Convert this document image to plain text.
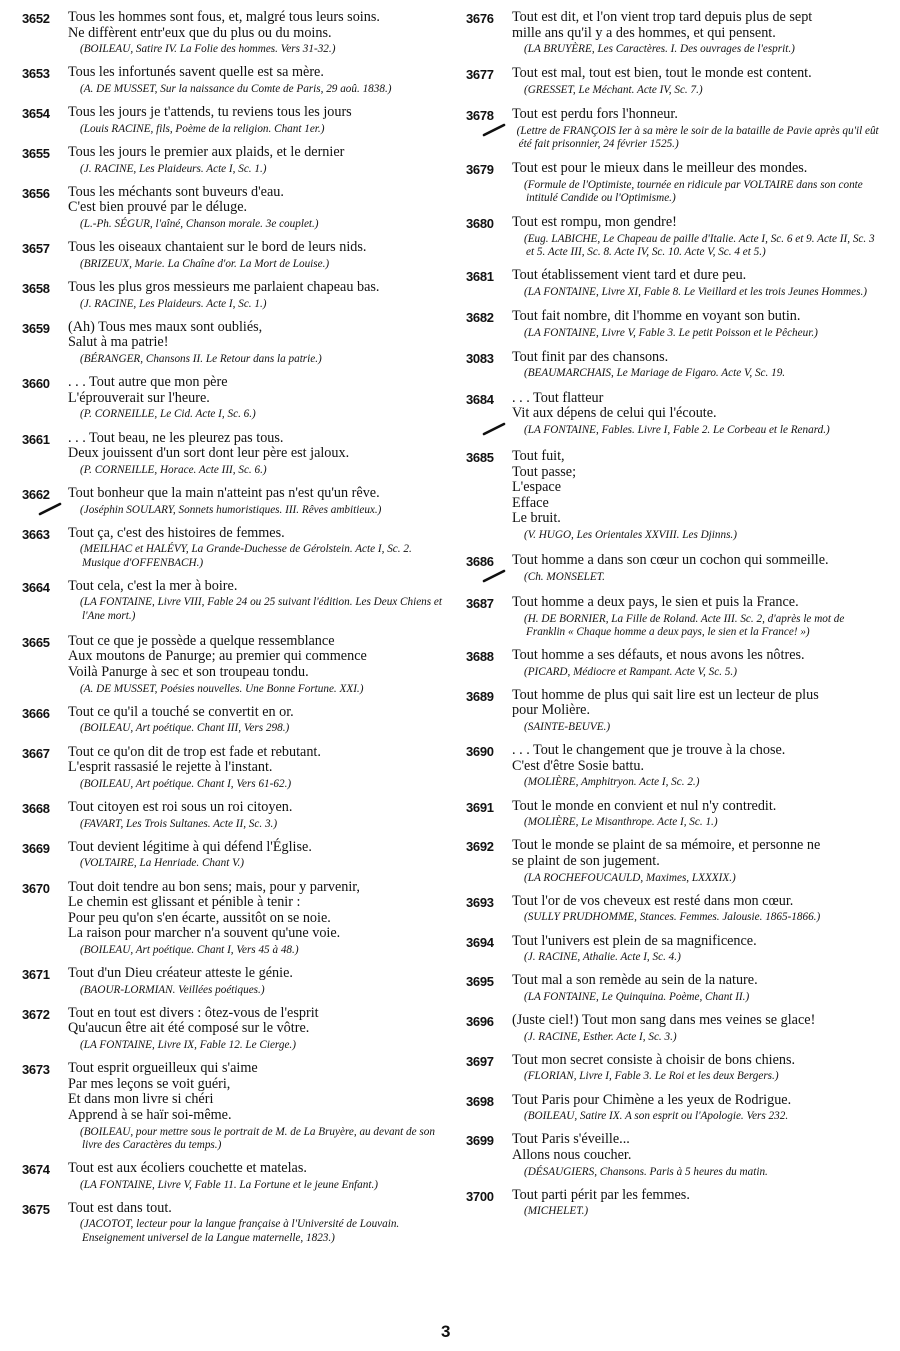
3652	Tous les hommes sont fous, et, malgré tous leurs soins.
Ne diffèrent entr'eux que du plus ou du moins.
(BOILEAU, Satire IV. La Folie des hommes. Vers 31-32.)
3653	Tous les infortunés savent quelle est sa mère.
(A. DE MUSSET, Sur la naissance du Comte de Paris, 29 aoû. 1838.)
3654	Tous les jours je t'attends, tu reviens tous les jours
(Louis RACINE, fils, Poème de la religion. Chant 1er.)
3655	Tous les jours le premier aux plaids, et le dernier
(J. RACINE, Les Plaideurs. Acte I, Sc. 1.)
3656	Tous les méchants sont buveurs d'eau.
C'est bien prouvé par le déluge.
(L.-Ph. SÉGUR, l'aîné, Chanson morale. 3e couplet.)
3657	Tous les oiseaux chantaient sur le bord de leurs nids.
(BRIZEUX, Marie. La Chaîne d'or. La Mort de Louise.)
3658	Tous les plus gros messieurs me parlaient chapeau bas.
(J. RACINE, Les Plaideurs. Acte I, Sc. 1.)
3659	(Ah) Tous mes maux sont oubliés,
Salut à ma patrie!
(BÉRANGER, Chansons II. Le Retour dans la patrie.)
3660	. . . Tout autre que mon père
L'éprouverait sur l'heure.
(P. CORNEILLE, Le Cid. Acte I, Sc. 6.)
3661	. . . Tout beau, ne les pleurez pas tous.
Deux jouissent d'un sort dont leur père est jaloux.
(P. CORNEILLE, Horace. Acte III, Sc. 6.)
3662	Tout bonheur que la main n'atteint pas n'est qu'un rêve.
(Joséphin SOULARY, Sonnets humoristiques. III. Rêves ambitieux.)
3663	Tout ça, c'est des histoires de femmes.
(MEILHAC et HALÉVY, La Grande-Duchesse de Gérolstein. Acte I, Sc. 2. Musique d'OFFENBACH.)
3664	Tout cela, c'est la mer à boire.
(LA FONTAINE, Livre VIII, Fable 24 ou 25 suivant l'édition. Les Deux Chiens et l'Ane mort.)
3665	Tout ce que je possède a quelque ressemblance
Aux moutons de Panurge; au premier qui commence
Voilà Panurge à sec et son troupeau tondu.
(A. DE MUSSET, Poésies nouvelles. Une Bonne Fortune. XXI.)
3666	Tout ce qu'il a touché se convertit en or.
(BOILEAU, Art poétique. Chant III, Vers 298.)
3667	Tout ce qu'on dit de trop est fade et rebutant.
L'esprit rassasié le rejette à l'instant.
(BOILEAU, Art poétique. Chant I, Vers 61-62.)
3668	Tout citoyen est roi sous un roi citoyen.
(FAVART, Les Trois Sultanes. Acte II, Sc. 3.)
3669	Tout devient légitime à qui défend l'Église.
(VOLTAIRE, La Henriade. Chant V.)
3670	Tout doit tendre au bon sens; mais, pour y parvenir,
Le chemin est glissant et pénible à tenir :
Pour peu qu'on s'en écarte, aussitôt on se noie.
La raison pour marcher n'a souvent qu'une voie.
(BOILEAU, Art poétique. Chant I, Vers 45 à 48.)
3671	Tout d'un Dieu créateur atteste le génie.
(BAOUR-LORMIAN. Veillées poétiques.)
3672	Tout en tout est divers : ôtez-vous de l'esprit
Qu'aucun être ait été composé sur le vôtre.
(LA FONTAINE, Livre IX, Fable 12. Le Cierge.)
3673	Tout esprit orgueilleux qui s'aime
Par mes leçons se voit guéri,
Et dans mon livre si chéri
Apprend à se haïr soi-même.
(BOILEAU, pour mettre sous le portrait de M. de La Bruyère, au devant de son livre des Caractères du temps.)
3674	Tout est aux écoliers couchette et matelas.
(LA FONTAINE, Livre V, Fable 11. La Fortune et le jeune Enfant.)
3675	Tout est dans tout.
(JACOTOT, lecteur pour la langue française à l'Université de Louvain. Enseignement universel de la Langue maternelle, 1823.)
3676	Tout est dit, et l'on vient trop tard depuis plus de sept
mille ans qu'il y a des hommes, et qui pensent.
(LA BRUYÈRE, Les Caractères. I. Des ouvrages de l'esprit.)
3677	Tout est mal, tout est bien, tout le monde est content.
(GRESSET, Le Méchant. Acte IV, Sc. 7.)
3678	Tout est perdu fors l'honneur.
(Lettre de FRANÇOIS Ier à sa mère le soir de la bataille de Pavie après qu'il eût été fait prisonnier, 24 février 1525.)
3679	Tout est pour le mieux dans le meilleur des mondes.
(Formule de l'Optimiste, tournée en ridicule par VOLTAIRE dans son conte intitulé Candide ou l'Optimisme.)
3680	Tout est rompu, mon gendre!
(Eug. LABICHE, Le Chapeau de paille d'Italie. Acte I, Sc. 6 et 9. Acte II, Sc. 3 et 5. Acte III, Sc. 8. Acte IV, Sc. 10. Acte V, Sc. 4 et 5.)
3681	Tout établissement vient tard et dure peu.
(LA FONTAINE, Livre XI, Fable 8. Le Vieillard et les trois Jeunes Hommes.)
3682	Tout fait nombre, dit l'homme en voyant son butin.
(LA FONTAINE, Livre V, Fable 3. Le petit Poisson et le Pêcheur.)
3083	Tout finit par des chansons.
(BEAUMARCHAIS, Le Mariage de Figaro. Acte V, Sc. 19.
3684	. . . Tout flatteur
Vit aux dépens de celui qui l'écoute.
(LA FONTAINE, Fables. Livre I, Fable 2. Le Corbeau et le Renard.)
3685	Tout fuit,
Tout passe;
L'espace
Efface
Le bruit.
(V. HUGO, Les Orientales XXVIII. Les Djinns.)
3686	Tout homme a dans son cœur un cochon qui sommeille.
(Ch. MONSELET.
3687	Tout homme a deux pays, le sien et puis la France.
(H. DE BORNIER, La Fille de Roland. Acte III. Sc. 2, d'après le mot de Franklin « Chaque homme a deux pays, le sien et la France! »)
3688	Tout homme a ses défauts, et nous avons les nôtres.
(PICARD, Médiocre et Rampant. Acte V, Sc. 5.)
3689	Tout homme de plus qui sait lire est un lecteur de plus
pour Molière.
(SAINTE-BEUVE.)
3690	. . . Tout le changement que je trouve à la chose.
C'est d'être Sosie battu.
(MOLIÈRE, Amphitryon. Acte I, Sc. 2.)
3691	Tout le monde en convient et nul n'y contredit.
(MOLIÈRE, Le Misanthrope. Acte I, Sc. 1.)
3692	Tout le monde se plaint de sa mémoire, et personne ne
se plaint de son jugement.
(LA ROCHEFOUCAULD, Maximes, LXXXIX.)
3693	Tout l'or de vos cheveux est resté dans mon cœur.
(SULLY PRUDHOMME, Stances. Femmes. Jalousie. 1865-1866.)
3694	Tout l'univers est plein de sa magnificence.
(J. RACINE, Athalie. Acte I, Sc. 4.)
3695	Tout mal a son remède au sein de la nature.
(LA FONTAINE, Le Quinquina. Poème, Chant II.)
3696	(Juste ciel!) Tout mon sang dans mes veines se glace!
(J. RACINE, Esther. Acte I, Sc. 3.)
3697	Tout mon secret consiste à choisir de bons chiens.
(FLORIAN, Livre I, Fable 3. Le Roi et les deux Bergers.)
3698	Tout Paris pour Chimène a les yeux de Rodrigue.
(BOILEAU, Satire IX. A son esprit ou l'Apologie. Vers 232.
3699	Tout Paris s'éveille...
Allons nous coucher.
(DÉSAUGIERS, Chansons. Paris à 5 heures du matin.
3700	Tout parti périt par les femmes.
(MICHELET.)
3
